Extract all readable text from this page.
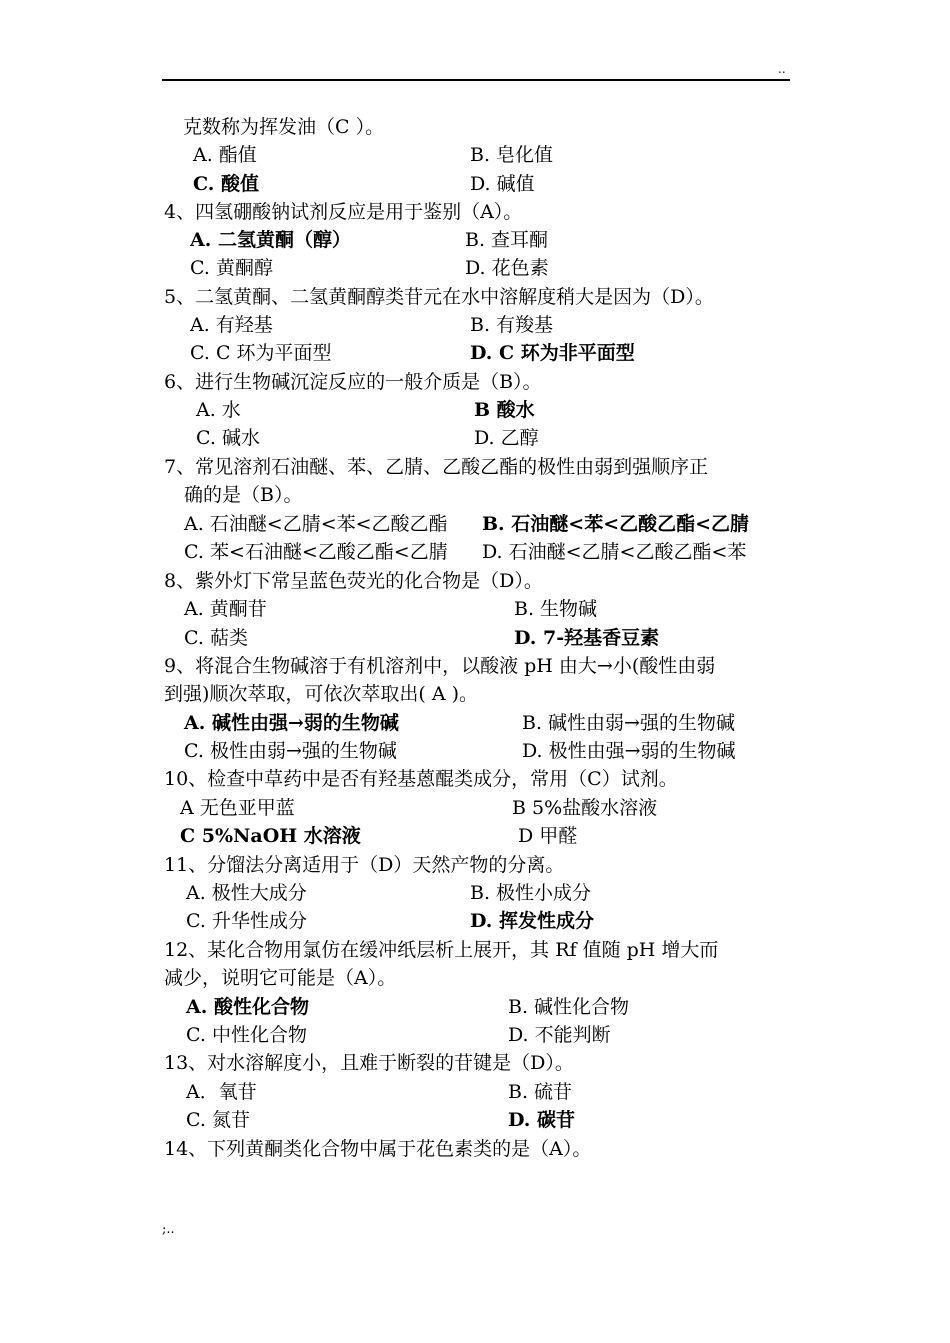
..
克数称为挥发油（C ）。
A. 酯值	B. 皂化值
C. 酸值	D. 碱值
4、四氢硼酸钠试剂反应是用于鉴别（A）。
A. 二氢黄酮（醇）	B. 查耳酮
C. 黄酮醇	D. 花色素
5、二氢黄酮、二氢黄酮醇类苷元在水中溶解度稍大是因为（D）。
A. 有羟基	B. 有羧基
C. C 环为平面型	D. C 环为非平面型
6、进行生物碱沉淀反应的一般介质是（B）。
A. 水	B 酸水
C. 碱水	D. 乙醇
7、常见溶剂石油醚、苯、乙腈、乙酸乙酯的极性由弱到强顺序正
确的是（B）。
A. 石油醚<乙腈<苯<乙酸乙酯 B. 石油醚<苯<乙酸乙酯<乙腈
C. 苯<石油醚<乙酸乙酯<乙腈 D. 石油醚<乙腈<乙酸乙酯<苯
8、紫外灯下常呈蓝色荧光的化合物是（D）。
A. 黄酮苷	B. 生物碱
C. 萜类	D. 7-羟基香豆素
9、将混合生物碱溶于有机溶剂中，以酸液 pH 由大→小(酸性由弱
到强)顺次萃取，可依次萃取出( A )。
A. 碱性由强→弱的生物碱	B. 碱性由弱→强的生物碱
C. 极性由弱→强的生物碱	D. 极性由强→弱的生物碱
10、检查中草药中是否有羟基蒽醌类成分，常用（C）试剂。
A 无色亚甲蓝	B 5%盐酸水溶液
C 5%NaOH 水溶液	D 甲醛
11、分馏法分离适用于（D）天然产物的分离。
A. 极性大成分	B. 极性小成分
C. 升华性成分	D. 挥发性成分
12、某化合物用氯仿在缓冲纸层析上展开，其 Rf 值随 pH 增大而
减少，说明它可能是（A）。
A. 酸性化合物	B. 碱性化合物
C. 中性化合物	D. 不能判断
13、对水溶解度小，且难于断裂的苷键是（D）。
A．氧苷	B. 硫苷
C. 氮苷	D. 碳苷
14、下列黄酮类化合物中属于花色素类的是（A）。
;..
